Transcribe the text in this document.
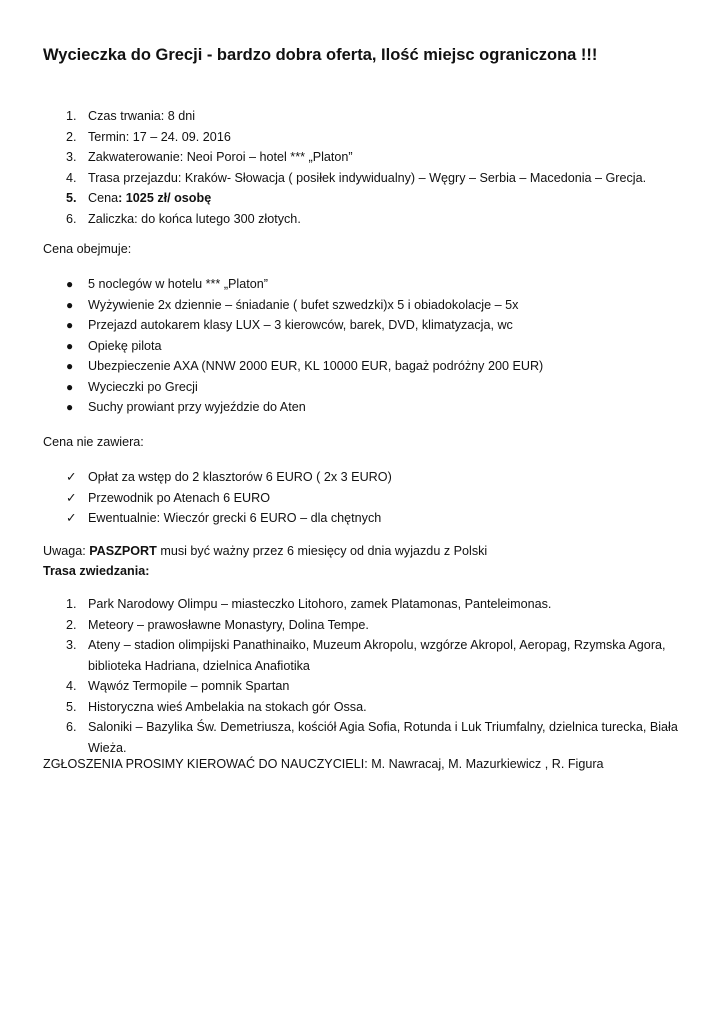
Wycieczka do Grecji - bardzo dobra oferta, Ilość miejsc ograniczona !!!
1. Czas trwania: 8 dni
2. Termin: 17 – 24. 09. 2016
3. Zakwaterowanie: Neoi Poroi – hotel *** „Platon”
4. Trasa przejazdu: Kraków- Słowacja ( posiłek indywidualny) – Węgry – Serbia – Macedonia – Grecja.
5. Cena: 1025 zł/ osobę
6. Zaliczka: do końca lutego 300 złotych.
Cena obejmuje:
● 5 noclegów w hotelu *** „Platon”
● Wyżywienie 2x dziennie – śniadanie ( bufet szwedzki)x 5 i obiadokolacje – 5x
● Przejazd autokarem klasy LUX – 3 kierowców, barek, DVD, klimatyzacja, wc
● Opiekę pilota
● Ubezpieczenie AXA (NNW 2000 EUR, KL 10000 EUR, bagaż podróżny 200 EUR)
● Wycieczki po Grecji
● Suchy prowiant przy wyjeździe do Aten
Cena nie zawiera:
✓ Opłat za wstęp do 2 klasztorów 6 EURO ( 2x 3 EURO)
✓ Przewodnik po Atenach 6 EURO
✓ Ewentualnie: Wieczór grecki 6 EURO – dla chętnych
Uwaga: PASZPORT musi być ważny przez 6 miesięcy od dnia wyjazdu z Polski
Trasa zwiedzania:
1. Park Narodowy Olimpu – miasteczko Litohoro, zamek Platamonas, Panteleimonas.
2. Meteory – prawosławne Monastyry, Dolina Tempe.
3. Ateny – stadion olimpijski Panathinaiko, Muzeum Akropolu, wzgórze Akropol, Aeropag, Rzymska Agora, biblioteka Hadriana, dzielnica Anafiotika
4. Wąwóz Termopile – pomnik Spartan
5. Historyczna wieś Ambelakia na stokach gór Ossa.
6. Saloniki – Bazylika Św. Demetriusza, kościół Agia Sofia, Rotunda i Luk Triumfalny, dzielnica turecka, Biała Wieża.
ZGŁOSZENIA PROSIMY KIEROWAĆ DO NAUCZYCIELI: M. Nawracaj, M. Mazurkiewicz , R. Figura
